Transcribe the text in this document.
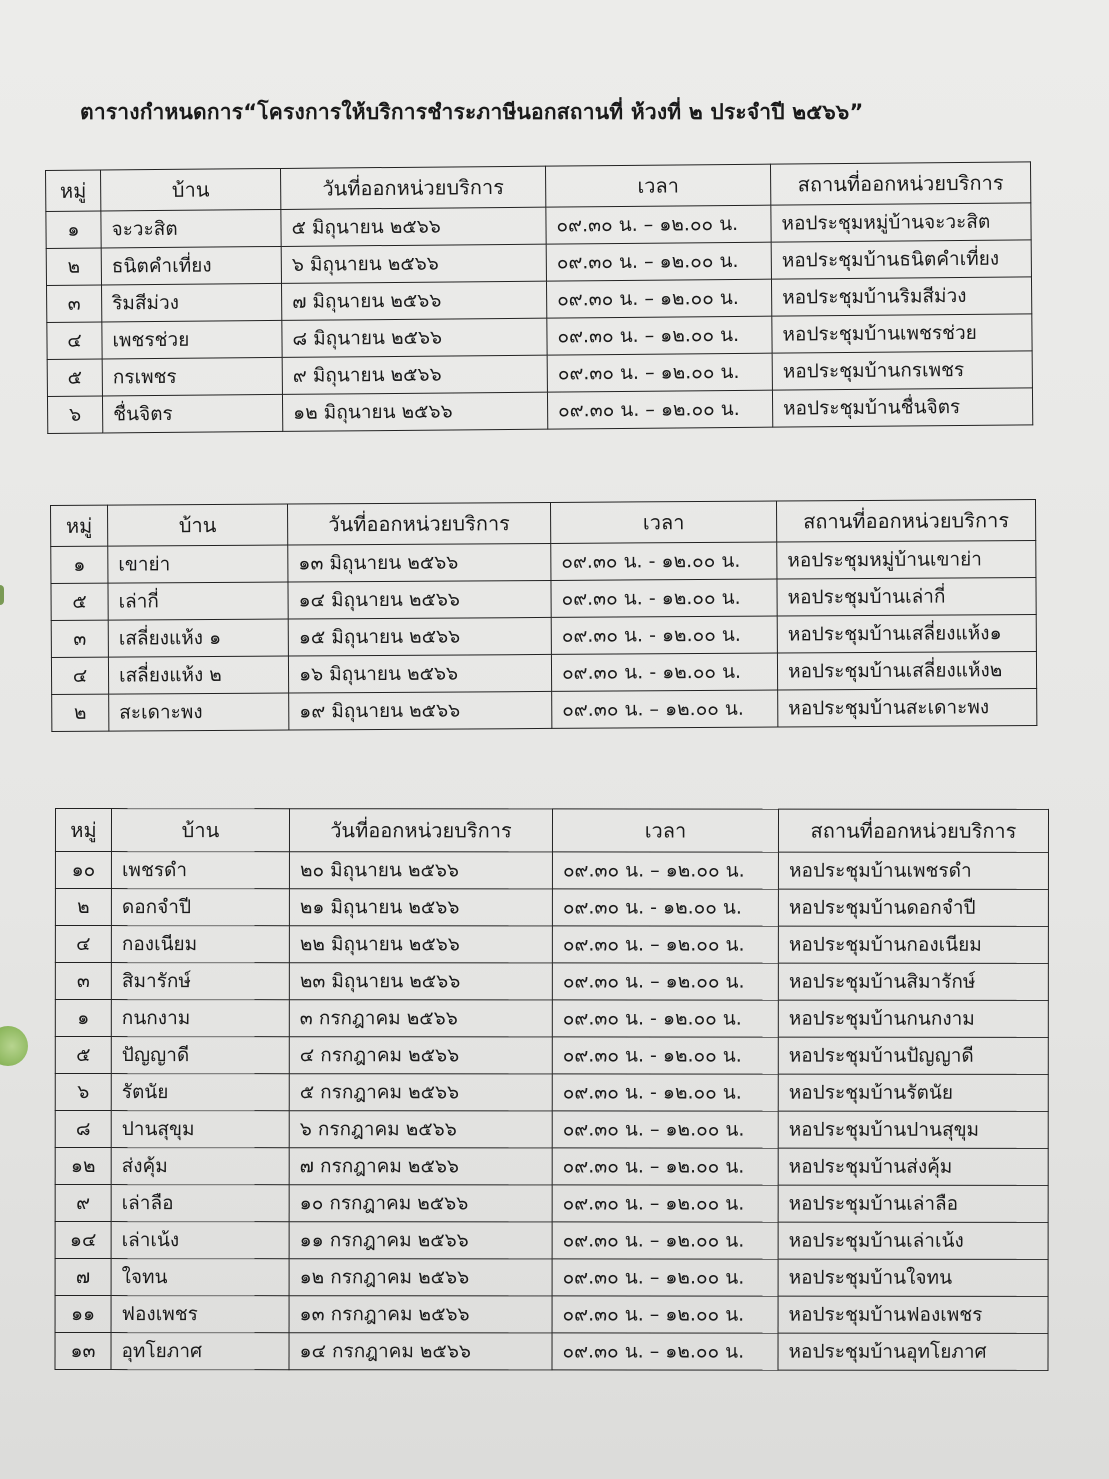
ตารางกำหนดการ“โครงการให้บริการชำระภาษีนอกสถานที่ ห้วงที่ ๒ ประจำปี ๒๕๖๖”
หมู่	บ้าน	วันที่ออกหน่วยบริการ	เวลา	สถานที่ออกหน่วยบริการ
๑	จะวะสิต	๕ มิถุนายน ๒๕๖๖	๐๙.๓๐ น. – ๑๒.๐๐ น.	หอประชุมหมู่บ้านจะวะสิต
๒	ธนิตคำเที่ยง	๖ มิถุนายน ๒๕๖๖	๐๙.๓๐ น. – ๑๒.๐๐ น.	หอประชุมบ้านธนิตคำเที่ยง
๓	ริมสีม่วง	๗ มิถุนายน ๒๕๖๖	๐๙.๓๐ น. – ๑๒.๐๐ น.	หอประชุมบ้านริมสีม่วง
๔	เพชรช่วย	๘ มิถุนายน ๒๕๖๖	๐๙.๓๐ น. – ๑๒.๐๐ น.	หอประชุมบ้านเพชรช่วย
๕	กรเพชร	๙ มิถุนายน ๒๕๖๖	๐๙.๓๐ น. – ๑๒.๐๐ น.	หอประชุมบ้านกรเพชร
๖	ชื่นจิตร	๑๒ มิถุนายน ๒๕๖๖	๐๙.๓๐ น. – ๑๒.๐๐ น.	หอประชุมบ้านชื่นจิตร
หมู่	บ้าน	วันที่ออกหน่วยบริการ	เวลา	สถานที่ออกหน่วยบริการ
๑	เขาย่า	๑๓ มิถุนายน ๒๕๖๖	๐๙.๓๐ น. - ๑๒.๐๐ น.	หอประชุมหมู่บ้านเขาย่า
๕	เล่ากี่	๑๔ มิถุนายน ๒๕๖๖	๐๙.๓๐ น. - ๑๒.๐๐ น.	หอประชุมบ้านเล่ากี่
๓	เสลี่ยงแห้ง ๑	๑๕ มิถุนายน ๒๕๖๖	๐๙.๓๐ น. - ๑๒.๐๐ น.	หอประชุมบ้านเสลี่ยงแห้ง๑
๔	เสลี่ยงแห้ง ๒	๑๖ มิถุนายน ๒๕๖๖	๐๙.๓๐ น. - ๑๒.๐๐ น.	หอประชุมบ้านเสลี่ยงแห้ง๒
๒	สะเดาะพง	๑๙ มิถุนายน ๒๕๖๖	๐๙.๓๐ น. – ๑๒.๐๐ น.	หอประชุมบ้านสะเดาะพง
หมู่	บ้าน	วันที่ออกหน่วยบริการ	เวลา	สถานที่ออกหน่วยบริการ
๑๐	เพชรดำ	๒๐ มิถุนายน ๒๕๖๖	๐๙.๓๐ น. – ๑๒.๐๐ น.	หอประชุมบ้านเพชรดำ
๒	ดอกจำปี	๒๑ มิถุนายน ๒๕๖๖	๐๙.๓๐ น. - ๑๒.๐๐ น.	หอประชุมบ้านดอกจำปี
๔	กองเนียม	๒๒ มิถุนายน ๒๕๖๖	๐๙.๓๐ น. – ๑๒.๐๐ น.	หอประชุมบ้านกองเนียม
๓	สิมารักษ์	๒๓ มิถุนายน ๒๕๖๖	๐๙.๓๐ น. – ๑๒.๐๐ น.	หอประชุมบ้านสิมารักษ์
๑	กนกงาม	๓ กรกฎาคม ๒๕๖๖	๐๙.๓๐ น. - ๑๒.๐๐ น.	หอประชุมบ้านกนกงาม
๕	ปัญญาดี	๔ กรกฎาคม ๒๕๖๖	๐๙.๓๐ น. - ๑๒.๐๐ น.	หอประชุมบ้านปัญญาดี
๖	รัตนัย	๕ กรกฎาคม ๒๕๖๖	๐๙.๓๐ น. - ๑๒.๐๐ น.	หอประชุมบ้านรัตนัย
๘	ปานสุขุม	๖ กรกฎาคม ๒๕๖๖	๐๙.๓๐ น. – ๑๒.๐๐ น.	หอประชุมบ้านปานสุขุม
๑๒	ส่งคุ้ม	๗ กรกฎาคม ๒๕๖๖	๐๙.๓๐ น. – ๑๒.๐๐ น.	หอประชุมบ้านส่งคุ้ม
๙	เล่าลือ	๑๐ กรกฎาคม ๒๕๖๖	๐๙.๓๐ น. – ๑๒.๐๐ น.	หอประชุมบ้านเล่าลือ
๑๔	เล่าเน้ง	๑๑ กรกฎาคม ๒๕๖๖	๐๙.๓๐ น. – ๑๒.๐๐ น.	หอประชุมบ้านเล่าเน้ง
๗	ใจทน	๑๒ กรกฎาคม ๒๕๖๖	๐๙.๓๐ น. – ๑๒.๐๐ น.	หอประชุมบ้านใจทน
๑๑	ฟองเพชร	๑๓ กรกฎาคม ๒๕๖๖	๐๙.๓๐ น. – ๑๒.๐๐ น.	หอประชุมบ้านฟองเพชร
๑๓	อุทโยภาศ	๑๔ กรกฎาคม ๒๕๖๖	๐๙.๓๐ น. – ๑๒.๐๐ น.	หอประชุมบ้านอุทโยภาศ
